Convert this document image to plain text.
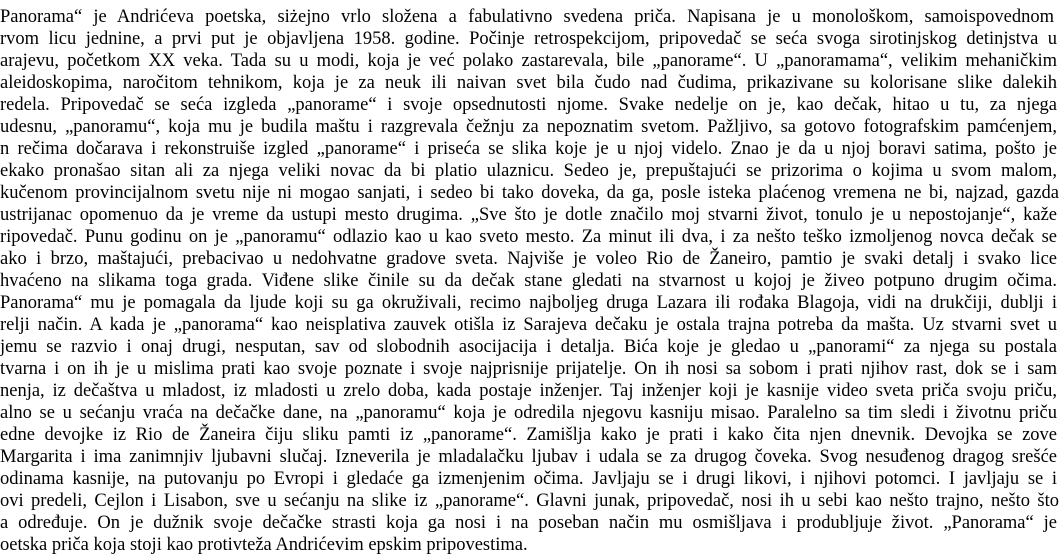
Panorama“ je Andrićeva poetska, siżejno vrlo složena a fabulativno svedena priča. Napisana je u monološkom, samoispovednom
rvom licu jednine, a prvi put je objavljena 1958. godine. Počinje retrospekcijom, pripovedač se seća svoga sirotinjskog detinjstva u
arajevu, početkom XX veka. Tada su u modi, koja je već polako zastarevala, bile „panorame“. U „panoramama“, velikim mehaničkim
aleidoskopima, naročitom tehnikom, koja je za neuk ili naivan svet bila čudo nad čudima, prikazivane su kolorisane slike dalekih
redela. Pripovedač se seća izgleda „panorame“ i svoje opsednutosti njome. Svake nedelje on je, kao dečak, hitao u tu, za njega
udesnu, „panoramu“, koja mu je budila maštu i razgrevala čežnju za nepoznatim svetom. Pažljivo, sa gotovo fotografskim pamćenjem,
n rečima dočarava i rekonstruiše izgled „panorame“ i priseća se slika koje je u njoj videlo. Znao je da u njoj boravi satima, pošto je
ekako pronašao sitan ali za njega veliki novac da bi platio ulaznicu. Sedeo je, prepuštajući se prizorima o kojima u svom malom,
kučenom provincijalnom svetu nije ni mogao sanjati, i sedeo bi tako doveka, da ga, posle isteka plaćenog vremena ne bi, najzad, gazda
ustrijanac opomenuo da je vreme da ustupi mesto drugima. „Sve što je dotle značilo moj stvarni život, tonulo je u nepostojanje“, kaže
ripovedač. Punu godinu on je „panoramu“ odlazio kao u kao sveto mesto. Za minut ili dva, i za nešto teško izmoljenog novca dečak se
ako i brzo, maštajući, prebacivao u nedohvatne gradove sveta. Najviše je voleo Rio de Žaneiro, pamtio je svaki detalj i svako lice
hvaćeno na slikama toga grada. Viđene slike činile su da dečak stane gledati na stvarnost u kojoj je živeo potpuno drugim očima.
Panorama“ mu je pomagala da ljude koji su ga okruživali, recimo najboljeg druga Lazara ili rođaka Blagoja, vidi na drukčiji, dublji i
relji način. A kada je „panorama“ kao neisplativa zauvek otišla iz Sarajeva dečaku je ostala trajna potreba da mašta. Uz stvarni svet u
jemu se razvio i onaj drugi, nesputan, sav od slobodnih asocijacija i detalja. Bića koje je gledao u „panorami“ za njega su postala
tvarna i on ih je u mislima prati kao svoje poznate i svoje najprisnije prijatelje. On ih nosi sa sobom i prati njihov rast, dok se i sam
nenja, iz dečaštva u mladost, iz mladosti u zrelo doba, kada postaje inženjer. Taj inženjer koji je kasnije video sveta priča svoju priču,
alno se u sećanju vraća na dečačke dane, na „panoramu“ koja je odredila njegovu kasniju misao. Paralelno sa tim sledi i životnu priču
edne devojke iz Rio de Žaneira čiju sliku pamti iz „panorame“. Zamišlja kako je prati i kako čita njen dnevnik. Devojka se zove
Margarita i ima zanimnjiv ljubavni slučaj. Izneverila je mladalačku ljubav i udala se za drugog čoveka. Svog nesuđenog dragog srešće
odinama kasnije, na putovanju po Evropi i gledaće ga izmenjenim očima. Javljaju se i drugi likovi, i njihovi potomci. I javljaju se i
ovi predeli, Cejlon i Lisabon, sve u sećanju na slike iz „panorame“. Glavni junak, pripovedač, nosi ih u sebi kao nešto trajno, nešto što
a određuje. On je dužnik svoje dečačke strasti koja ga nosi i na poseban način mu osmišljava i produbljuje život. „Panorama“ je
oetska priča koja stoji kao protivteža Andrićevim epskim pripovestima.
